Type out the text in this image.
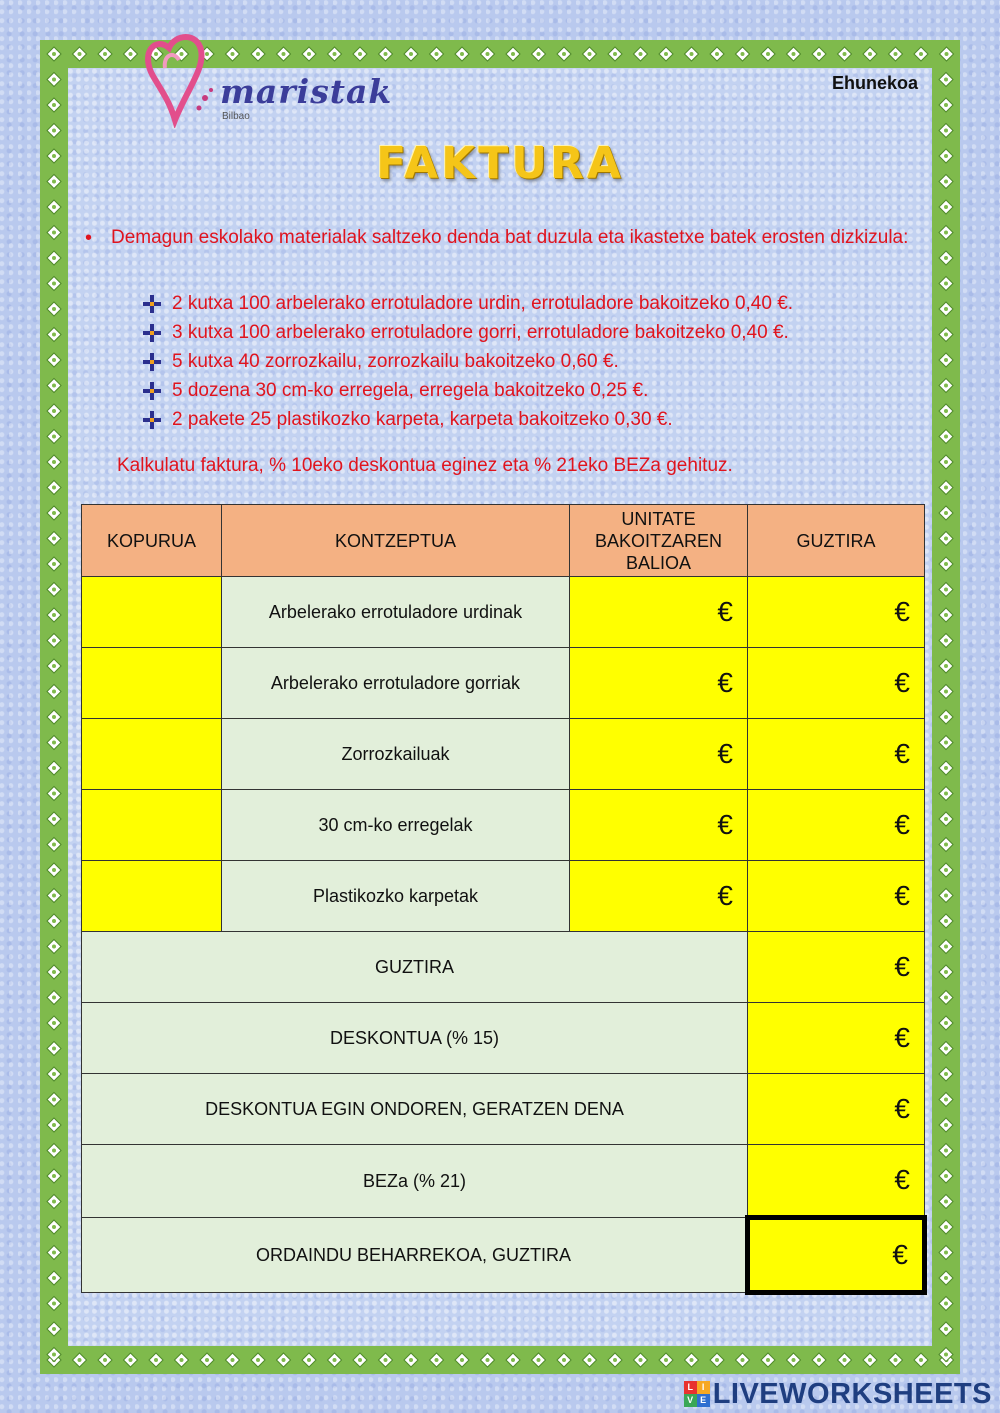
maristak
Bilbao
Ehunekoa
FAKTURA
• Demagun eskolako materialak saltzeko denda bat duzula eta ikastetxe batek erosten dizkizula:
2 kutxa 100 arbelerako errotuladore urdin, errotuladore bakoitzeko 0,40 €.
3 kutxa 100 arbelerako errotuladore gorri, errotuladore bakoitzeko 0,40 €.
5 kutxa 40 zorrozkailu, zorrozkailu bakoitzeko 0,60 €.
5 dozena 30 cm-ko erregela, erregela bakoitzeko 0,25 €.
2 pakete 25 plastikozko karpeta, karpeta bakoitzeko 0,30 €.
Kalkulatu faktura, % 10eko deskontua eginez eta % 21eko BEZa gehituz.
KOPURUA	KONTZEPTUA	UNITATE
BAKOITZAREN
BALIOA	GUZTIRA
	Arbelerako errotuladore urdinak	€	€
	Arbelerako errotuladore gorriak	€	€
	Zorrozkailuak	€	€
	30 cm-ko erregelak	€	€
	Plastikozko karpetak	€	€
GUZTIRA			€
DESKONTUA (% 15)			€
DESKONTUA EGIN ONDOREN, GERATZEN DENA			€
BEZa (% 21)			€
ORDAINDU BEHARREKOA, GUZTIRA			€
L I
V E LIVEWORKSHEETS
